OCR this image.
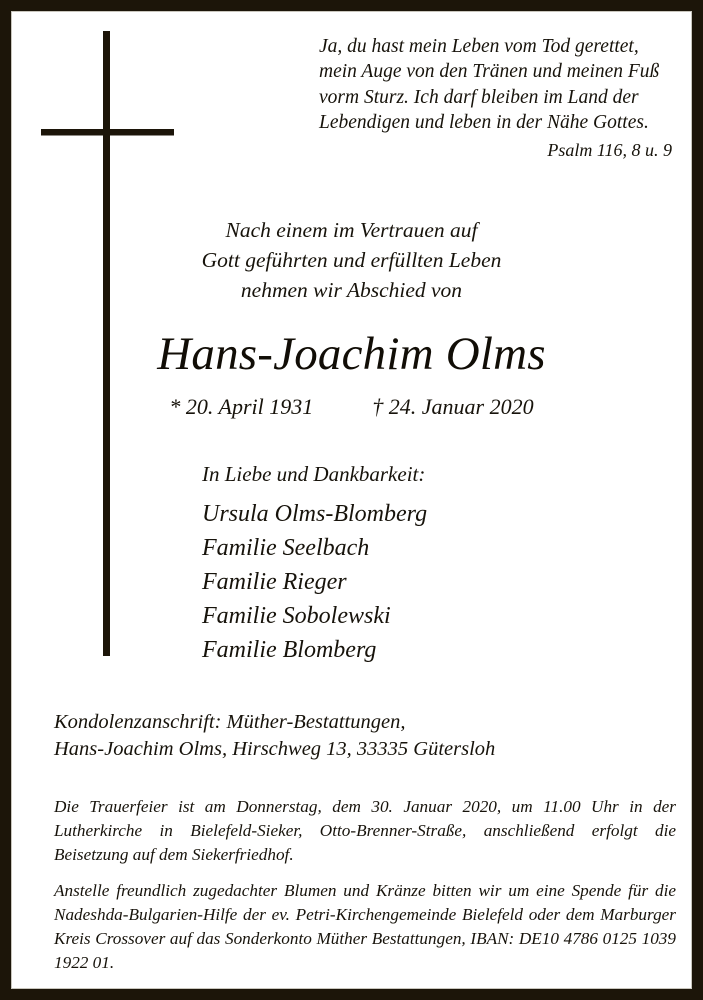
Ja, du hast mein Leben vom Tod gerettet, mein Auge von den Tränen und meinen Fuß vorm Sturz. Ich darf bleiben im Land der Lebendigen und leben in der Nähe Gottes.
Psalm 116, 8 u. 9
Nach einem im Vertrauen auf
Gott geführten und erfüllten Leben
nehmen wir Abschied von
Hans-Joachim Olms
* 20. April 1931	† 24. Januar 2020
In Liebe und Dankbarkeit:
Ursula Olms-Blomberg
Familie Seelbach
Familie Rieger
Familie Sobolewski
Familie Blomberg
Kondolenzanschrift: Müther-Bestattungen,
Hans-Joachim Olms, Hirschweg 13, 33335 Gütersloh
Die Trauerfeier ist am Donnerstag, dem 30. Januar 2020, um 11.00 Uhr in der Lutherkirche in Bielefeld-Sieker, Otto-Brenner-Straße, anschließend erfolgt die Beisetzung auf dem Siekerfriedhof.
Anstelle freundlich zugedachter Blumen und Kränze bitten wir um eine Spende für die Nadeshda-Bulgarien-Hilfe der ev. Petri-Kirchengemeinde Bielefeld oder dem Marburger Kreis Crossover auf das Sonderkonto Müther Bestattungen, IBAN: DE10 4786 0125 1039 1922 01.
